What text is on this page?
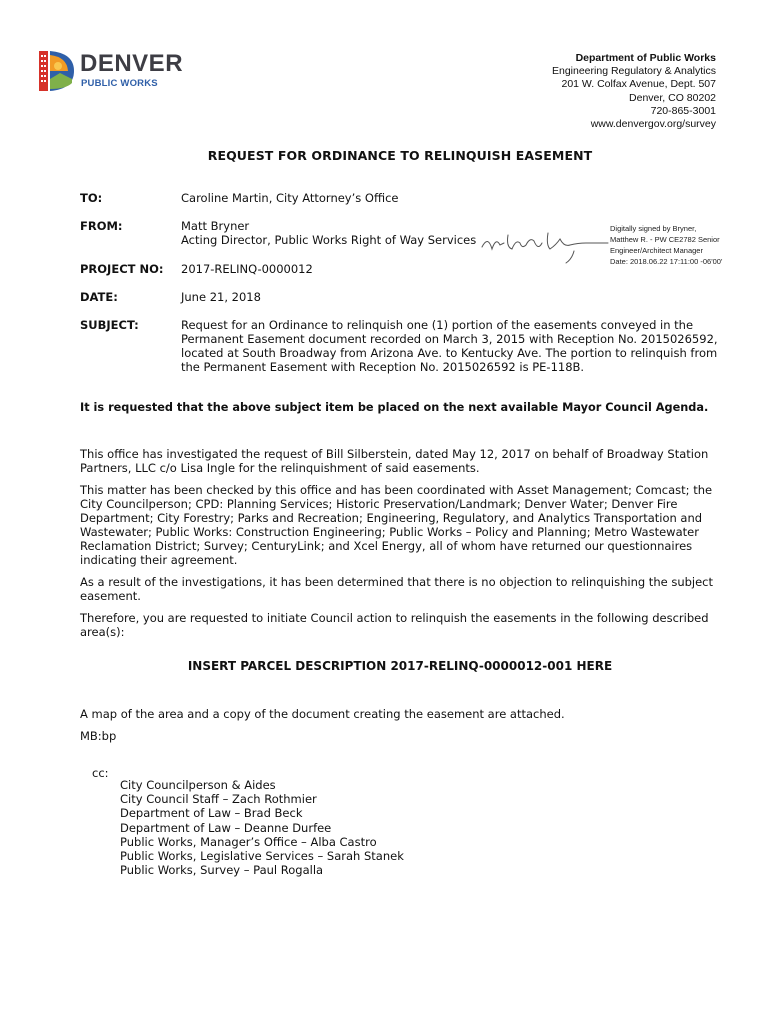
DENVER
PUBLIC WORKS
Department of Public Works
Engineering Regulatory & Analytics
201 W. Colfax Avenue, Dept. 507
Denver, CO 80202
720-865-3001
www.denvergov.org/survey
REQUEST FOR ORDINANCE TO RELINQUISH EASEMENT
TO:	Caroline Martin, City Attorney’s Office
FROM:	Matt Bryner
Acting Director, Public Works Right of Way Services
Digitally signed by Bryner,
Matthew R. - PW CE2782 Senior
Engineer/Architect Manager
Date: 2018.06.22 17:11:00 -06'00'
PROJECT NO: 2017-RELINQ-0000012
DATE:	June 21, 2018
SUBJECT:	Request for an Ordinance to relinquish one (1) portion of the easements conveyed in the Permanent Easement document recorded on March 3, 2015 with Reception No. 2015026592, located at South Broadway from Arizona Ave. to Kentucky Ave. The portion to relinquish from the Permanent Easement with Reception No. 2015026592 is PE-118B.
It is requested that the above subject item be placed on the next available Mayor Council Agenda.
This office has investigated the request of Bill Silberstein, dated May 12, 2017 on behalf of Broadway Station Partners, LLC c/o Lisa Ingle for the relinquishment of said easements.
This matter has been checked by this office and has been coordinated with Asset Management; Comcast; the City Councilperson; CPD: Planning Services; Historic Preservation/Landmark; Denver Water; Denver Fire Department; City Forestry; Parks and Recreation; Engineering, Regulatory, and Analytics Transportation and Wastewater; Public Works: Construction Engineering; Public Works – Policy and Planning; Metro Wastewater Reclamation District; Survey; CenturyLink; and Xcel Energy, all of whom have returned our questionnaires indicating their agreement.
As a result of the investigations, it has been determined that there is no objection to relinquishing the subject easement.
Therefore, you are requested to initiate Council action to relinquish the easements in the following described area(s):
INSERT PARCEL DESCRIPTION 2017-RELINQ-0000012-001 HERE
A map of the area and a copy of the document creating the easement are attached.
MB:bp
cc:
City Councilperson & Aides
City Council Staff – Zach Rothmier
Department of Law – Brad Beck
Department of Law – Deanne Durfee
Public Works, Manager’s Office – Alba Castro
Public Works, Legislative Services – Sarah Stanek
Public Works, Survey – Paul Rogalla
